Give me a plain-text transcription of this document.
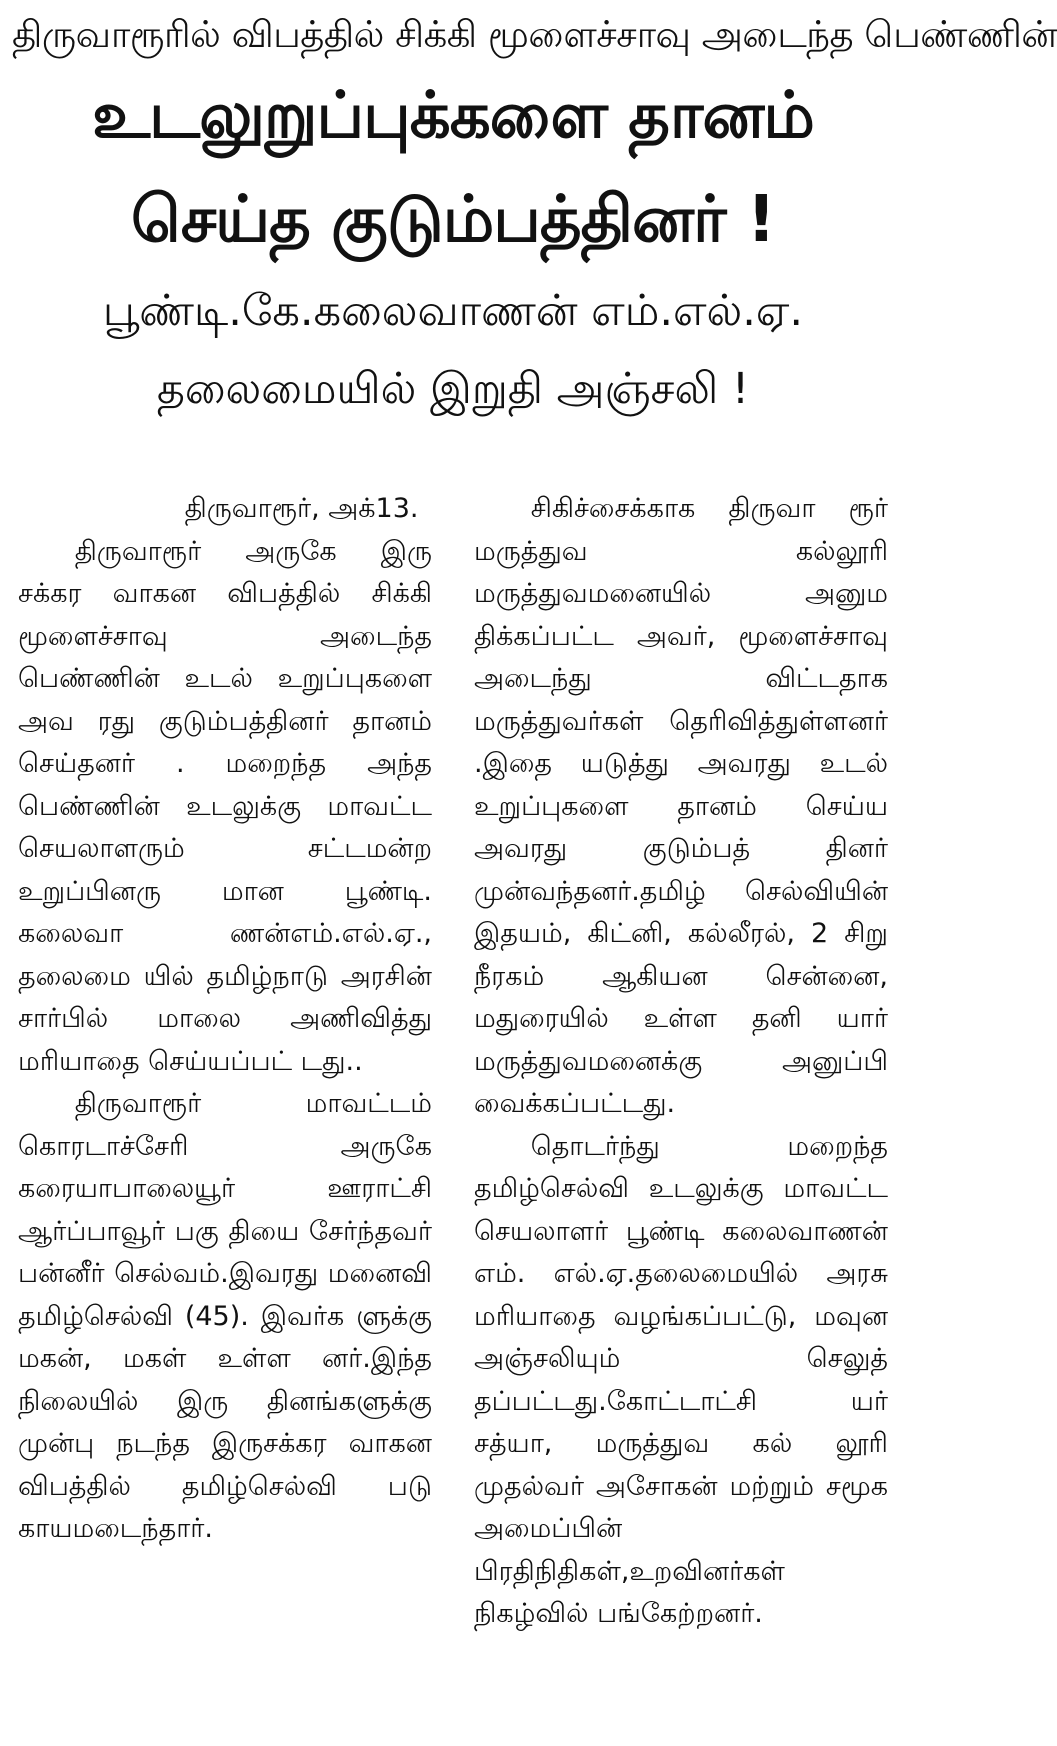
திருவாரூரில் விபத்தில் சிக்கி மூளைச்சாவு அடைந்த பெண்ணின்
உடலுறுப்புக்களை தானம்
செய்த குடும்பத்தினர் !
பூண்டி.கே.கலைவாணன் எம்.எல்.ஏ.
தலைமையில் இறுதி அஞ்சலி !

திருவாரூர், அக்13.

திருவாரூர் அருகே இரு சக்கர வாகன விபத்தில் சிக்கி மூளைச்சாவு அடைந்த பெண்ணின் உடல் உறுப்புகளை அவ ரது குடும்பத்தினர் தானம் செய்தனர் . மறைந்த அந்த பெண்ணின் உடலுக்கு மாவட்ட செயலாளரும் சட்டமன்ற உறுப்பினரு மான பூண்டி. கலைவா ணன்எம்.எல்.ஏ., தலைமை யில் தமிழ்நாடு அரசின் சார்பில் மாலை அணிவித்து மரியாதை செய்யப்பட் டது..

திருவாரூர் மாவட்டம் கொரடாச்சேரி அருகே கரையாபாலையூர் ஊராட்சி ஆர்ப்பாவூர் பகு தியை சேர்ந்தவர் பன்னீர் செல்வம்.இவரது மனைவி தமிழ்செல்வி (45). இவர்க ளுக்கு மகன், மகள் உள்ள னர்.இந்த நிலையில் இரு தினங்களுக்கு முன்பு நடந்த இருசக்கர வாகன விபத்தில் தமிழ்செல்வி படு காயமடைந்தார்.

சிகிச்சைக்காக திருவா ரூர் மருத்துவ கல்லூரி மருத்துவமனையில் அனும திக்கப்பட்ட அவர், மூளைச்சாவு அடைந்து விட்டதாக மருத்துவர்கள் தெரிவித்துள்ளனர் .இதை யடுத்து அவரது உடல் உறுப்புகளை தானம் செய்ய அவரது குடும்பத் தினர் முன்வந்தனர்.தமிழ் செல்வியின் இதயம், கிட்னி, கல்லீரல், 2 சிறு நீரகம் ஆகியன சென்னை, மதுரையில் உள்ள தனி யார் மருத்துவமனைக்கு அனுப்பி வைக்கப்பட்டது.

தொடர்ந்து மறைந்த தமிழ்செல்வி உடலுக்கு மாவட்ட செயலாளர் பூண்டி கலைவாணன் எம். எல்.ஏ.தலைமையில் அரசு மரியாதை வழங்கப்பட்டு, மவுன அஞ்சலியும் செலுத் தப்பட்டது.கோட்டாட்சி யர் சத்யா, மருத்துவ கல் லூரி முதல்வர் அசோகன் மற்றும் சமூக அமைப்பின் பிரதிநிதிகள்,உறவினர்கள் நிகழ்வில் பங்கேற்றனர்.
